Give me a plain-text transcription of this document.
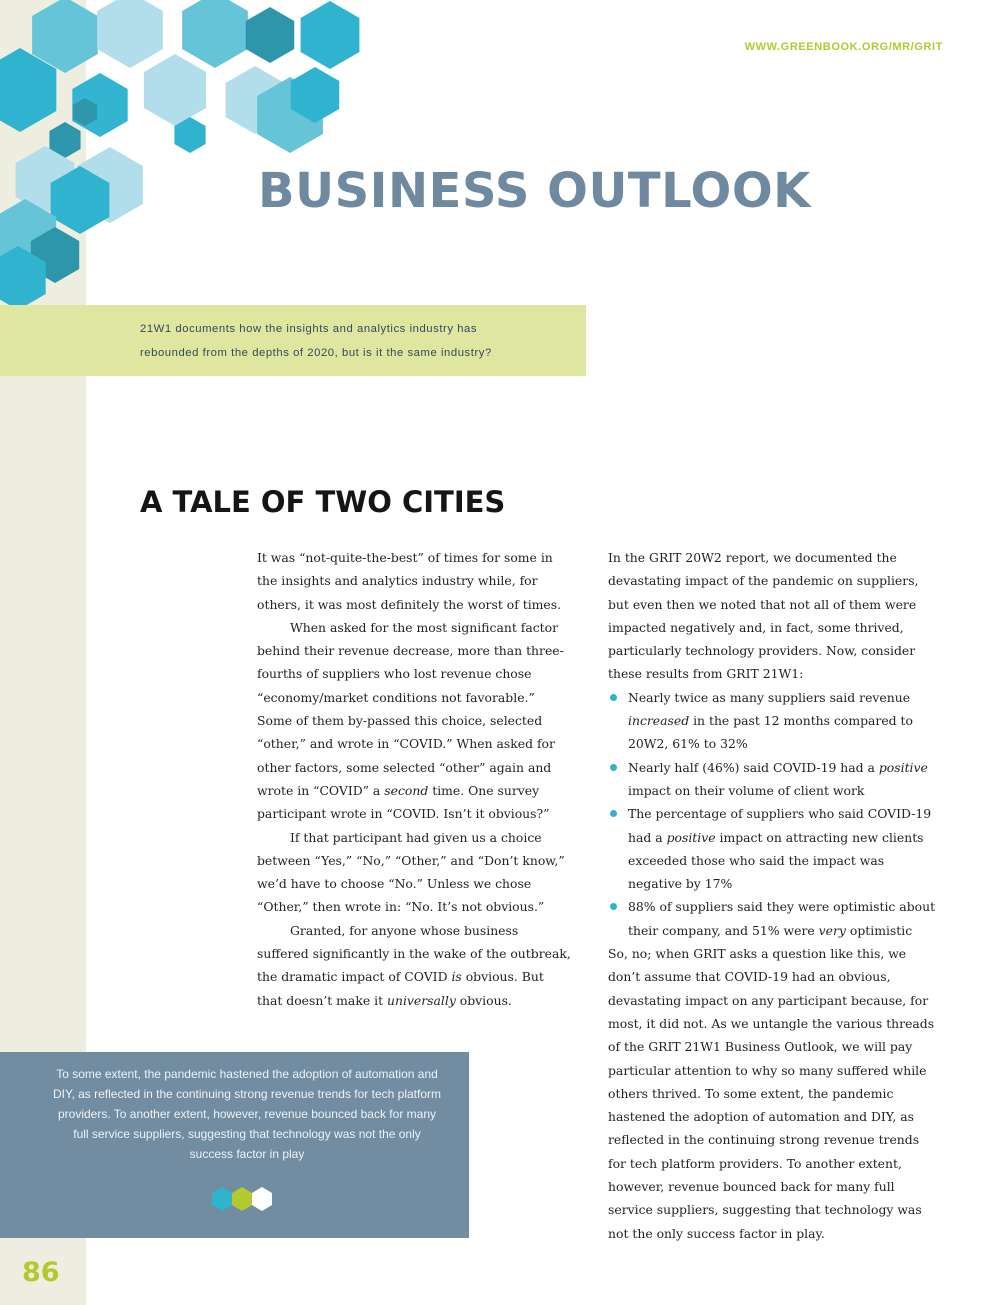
WWW.GREENBOOK.ORG/MR/GRIT
BUSINESS OUTLOOK
21W1 documents how the insights and analytics industry has
rebounded from the depths of 2020, but is it the same industry?
A TALE OF TWO CITIES

It was “not-quite-the-best” of times for some in the insights and analytics industry while, for others, it was most definitely the worst of times.

When asked for the most significant factor behind their revenue decrease, more than three-fourths of suppliers who lost revenue chose “economy/market conditions not favorable.” Some of them by-passed this choice, selected “other,” and wrote in “COVID.” When asked for other factors, some selected “other” again and wrote in “COVID” a second time. One survey participant wrote in “COVID. Isn’t it obvious?”

If that participant had given us a choice between “Yes,” “No,” “Other,” and “Don’t know,” we’d have to choose “No.” Unless we chose “Other,” then wrote in: “No. It’s not obvious.”

Granted, for anyone whose business suffered significantly in the wake of the outbreak, the dramatic impact of COVID is obvious. But that doesn’t make it universally obvious.

In the GRIT 20W2 report, we documented the devastating impact of the pandemic on suppliers, but even then we noted that not all of them were impacted negatively and, in fact, some thrived, particularly technology providers. Now, consider these results from GRIT 21W1:

Nearly twice as many suppliers said revenue increased in the past 12 months compared to 20W2, 61% to 32%
Nearly half (46%) said COVID-19 had a positive impact on their volume of client work
The percentage of suppliers who said COVID-19 had a positive impact on attracting new clients exceeded those who said the impact was negative by 17%
88% of suppliers said they were optimistic about their company, and 51% were very optimistic

So, no; when GRIT asks a question like this, we don’t assume that COVID-19 had an obvious, devastating impact on any participant because, for most, it did not. As we untangle the various threads of the GRIT 21W1 Business Outlook, we will pay particular attention to why so many suffered while others thrived. To some extent, the pandemic hastened the adoption of automation and DIY, as reflected in the continuing strong revenue trends for tech platform providers. To another extent, however, revenue bounced back for many full service suppliers, suggesting that technology was not the only success factor in play.

To some extent, the pandemic hastened the adoption of automation and DIY, as reflected in the continuing strong revenue trends for tech platform providers. To another extent, however, revenue bounced back for many full service suppliers, suggesting that technology was not the only success factor in play
86
